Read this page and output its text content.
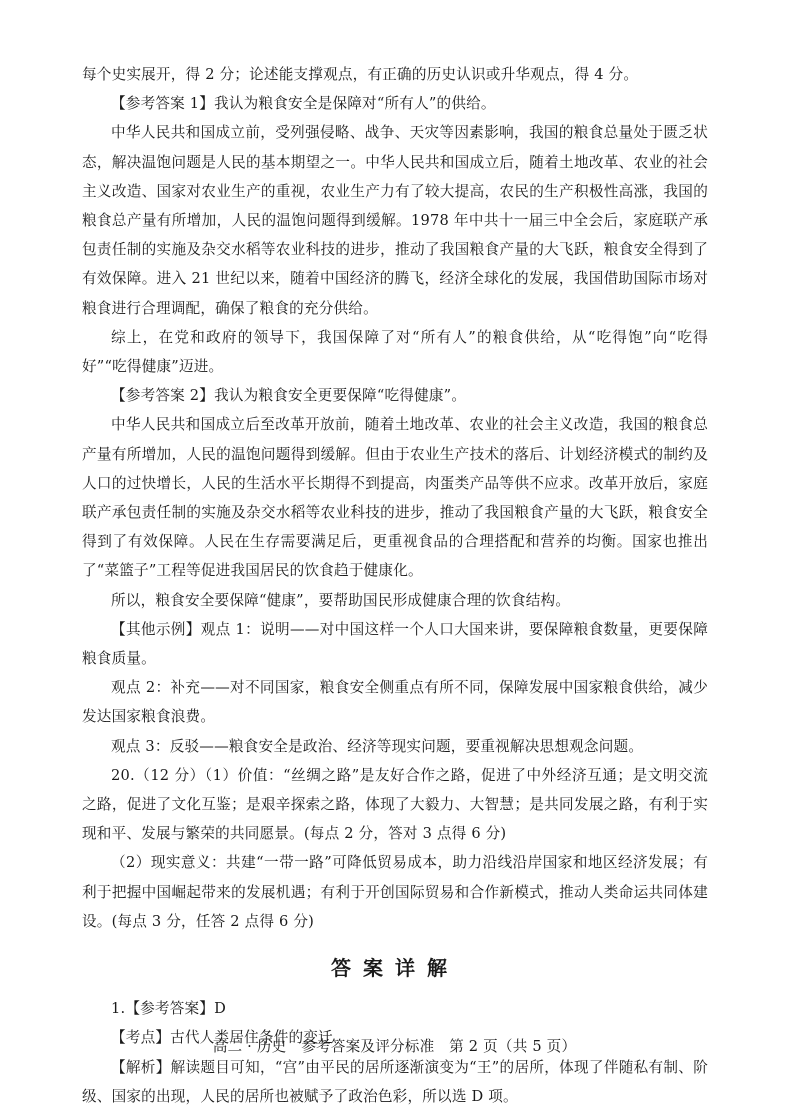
每个史实展开，得 2 分；论述能支撑观点，有正确的历史认识或升华观点，得 4 分。

【参考答案 1】我认为粮食安全是保障对“所有人”的供给。

中华人民共和国成立前，受列强侵略、战争、天灾等因素影响，我国的粮食总量处于匮乏状态，解决温饱问题是人民的基本期望之一。中华人民共和国成立后，随着土地改革、农业的社会主义改造、国家对农业生产的重视，农业生产力有了较大提高，农民的生产积极性高涨，我国的粮食总产量有所增加，人民的温饱问题得到缓解。1978 年中共十一届三中全会后，家庭联产承包责任制的实施及杂交水稻等农业科技的进步，推动了我国粮食产量的大飞跃，粮食安全得到了有效保障。进入 21 世纪以来，随着中国经济的腾飞，经济全球化的发展，我国借助国际市场对粮食进行合理调配，确保了粮食的充分供给。

综上，在党和政府的领导下，我国保障了对“所有人”的粮食供给，从“吃得饱”向“吃得好”“吃得健康”迈进。

【参考答案 2】我认为粮食安全更要保障“吃得健康”。

中华人民共和国成立后至改革开放前，随着土地改革、农业的社会主义改造，我国的粮食总产量有所增加，人民的温饱问题得到缓解。但由于农业生产技术的落后、计划经济模式的制约及人口的过快增长，人民的生活水平长期得不到提高，肉蛋类产品等供不应求。改革开放后，家庭联产承包责任制的实施及杂交水稻等农业科技的进步，推动了我国粮食产量的大飞跃，粮食安全得到了有效保障。人民在生存需要满足后，更重视食品的合理搭配和营养的均衡。国家也推出了“菜篮子”工程等促进我国居民的饮食趋于健康化。

所以，粮食安全要保障“健康”，要帮助国民形成健康合理的饮食结构。

【其他示例】观点 1：说明——对中国这样一个人口大国来讲，要保障粮食数量，更要保障粮食质量。

观点 2：补充——对不同国家，粮食安全侧重点有所不同，保障发展中国家粮食供给，减少发达国家粮食浪费。

观点 3：反驳——粮食安全是政治、经济等现实问题，要重视解决思想观念问题。

20.（12 分）（1）价值：“丝绸之路”是友好合作之路，促进了中外经济互通；是文明交流之路，促进了文化互鉴；是艰辛探索之路，体现了大毅力、大智慧；是共同发展之路，有利于实现和平、发展与繁荣的共同愿景。(每点 2 分，答对 3 点得 6 分)

（2）现实意义：共建“一带一路”可降低贸易成本，助力沿线沿岸国家和地区经济发展；有利于把握中国崛起带来的发展机遇；有利于开创国际贸易和合作新模式，推动人类命运共同体建设。(每点 3 分，任答 2 点得 6 分)

答案详解

1.【参考答案】D

【考点】古代人类居住条件的变迁

【解析】解读题目可知，“宫”由平民的居所逐渐演变为“王”的居所，体现了伴随私有制、阶级、国家的出现，人民的居所也被赋予了政治色彩，所以选 D 项。

高二 · 历史　参考答案及评分标准　第 2 页（共 5 页）
